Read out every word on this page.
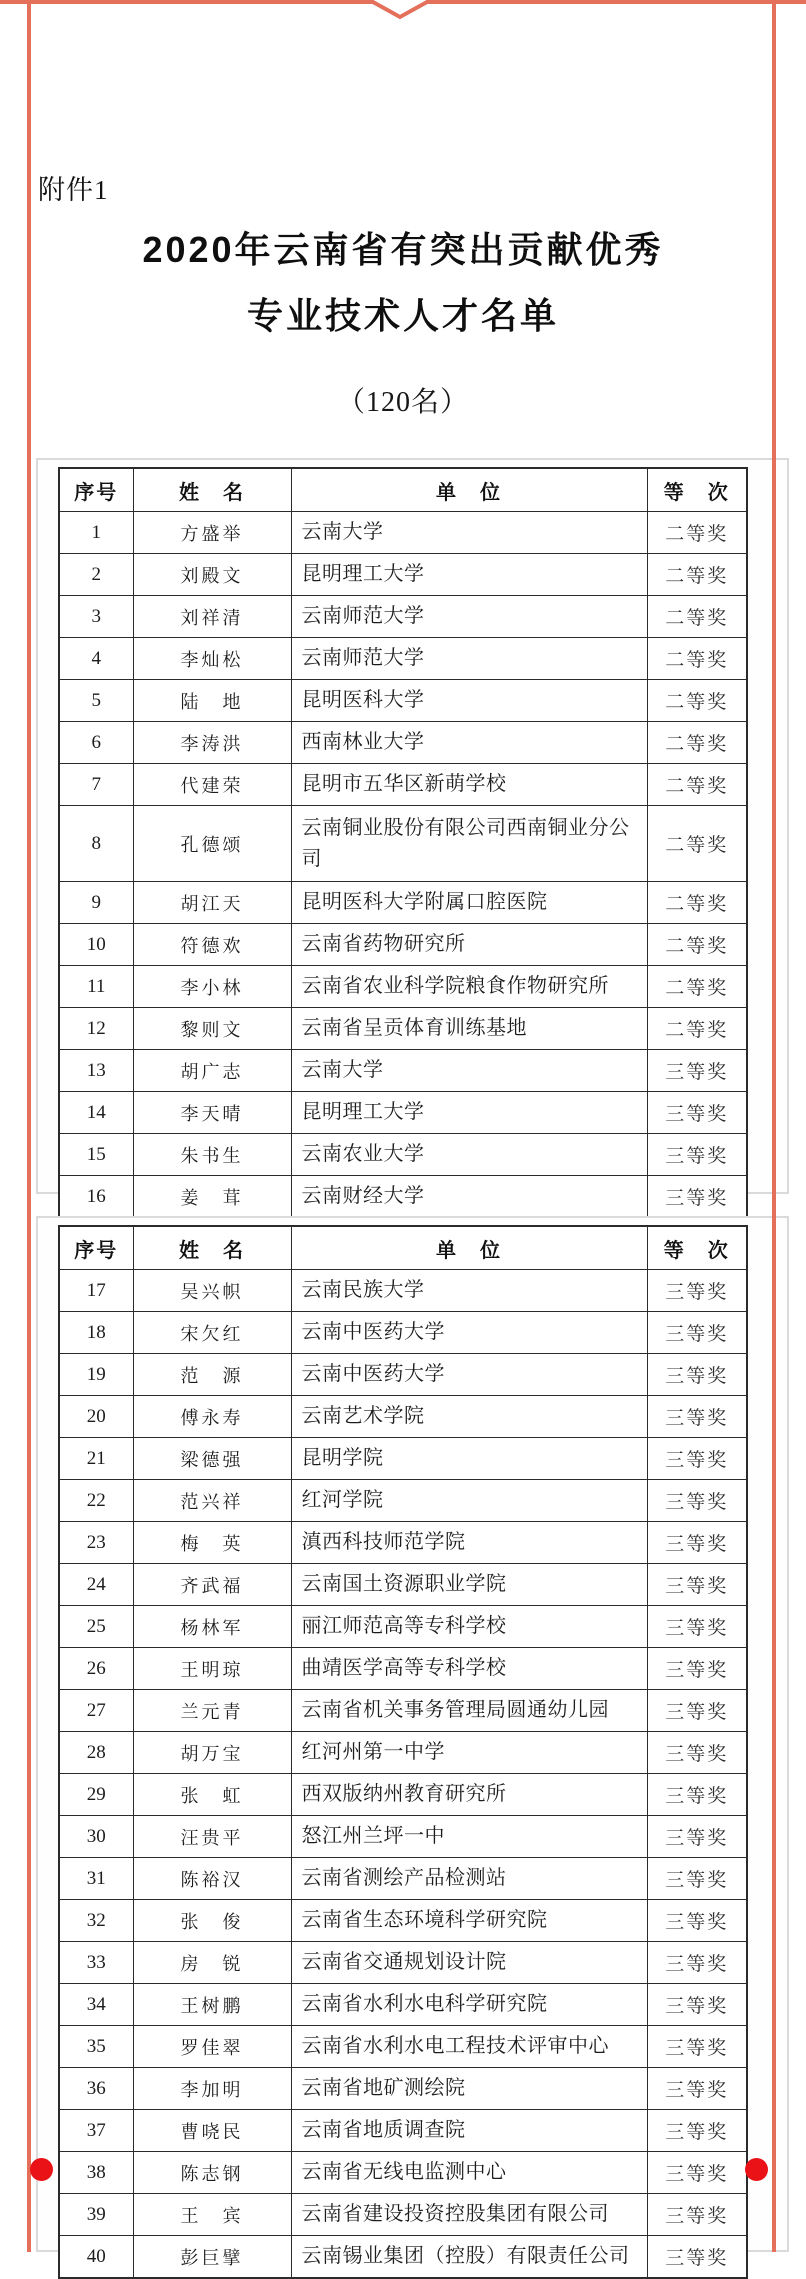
附件1
2020年云南省有突出贡献优秀
专业技术人才名单
（120名）
序号	姓　名	单　位	等　次
1	方盛举	云南大学	二等奖
2	刘殿文	昆明理工大学	二等奖
3	刘祥清	云南师范大学	二等奖
4	李灿松	云南师范大学	二等奖
5	陆　地	昆明医科大学	二等奖
6	李涛洪	西南林业大学	二等奖
7	代建荣	昆明市五华区新萌学校	二等奖
8	孔德颂	云南铜业股份有限公司西南铜业分公司	二等奖
9	胡江天	昆明医科大学附属口腔医院	二等奖
10	符德欢	云南省药物研究所	二等奖
11	李小林	云南省农业科学院粮食作物研究所	二等奖
12	黎则文	云南省呈贡体育训练基地	二等奖
13	胡广志	云南大学	三等奖
14	李天晴	昆明理工大学	三等奖
15	朱书生	云南农业大学	三等奖
16	姜　茸	云南财经大学	三等奖
序号	姓　名	单　位	等　次
17	吴兴帜	云南民族大学	三等奖
18	宋欠红	云南中医药大学	三等奖
19	范　源	云南中医药大学	三等奖
20	傅永寿	云南艺术学院	三等奖
21	梁德强	昆明学院	三等奖
22	范兴祥	红河学院	三等奖
23	梅　英	滇西科技师范学院	三等奖
24	齐武福	云南国土资源职业学院	三等奖
25	杨林军	丽江师范高等专科学校	三等奖
26	王明琼	曲靖医学高等专科学校	三等奖
27	兰元青	云南省机关事务管理局圆通幼儿园	三等奖
28	胡万宝	红河州第一中学	三等奖
29	张　虹	西双版纳州教育研究所	三等奖
30	汪贵平	怒江州兰坪一中	三等奖
31	陈裕汉	云南省测绘产品检测站	三等奖
32	张　俊	云南省生态环境科学研究院	三等奖
33	房　锐	云南省交通规划设计院	三等奖
34	王树鹏	云南省水利水电科学研究院	三等奖
35	罗佳翠	云南省水利水电工程技术评审中心	三等奖
36	李加明	云南省地矿测绘院	三等奖
37	曹哓民	云南省地质调查院	三等奖
38	陈志钢	云南省无线电监测中心	三等奖
39	王　宾	云南省建设投资控股集团有限公司	三等奖
40	彭巨擘	云南锡业集团（控股）有限责任公司	三等奖
